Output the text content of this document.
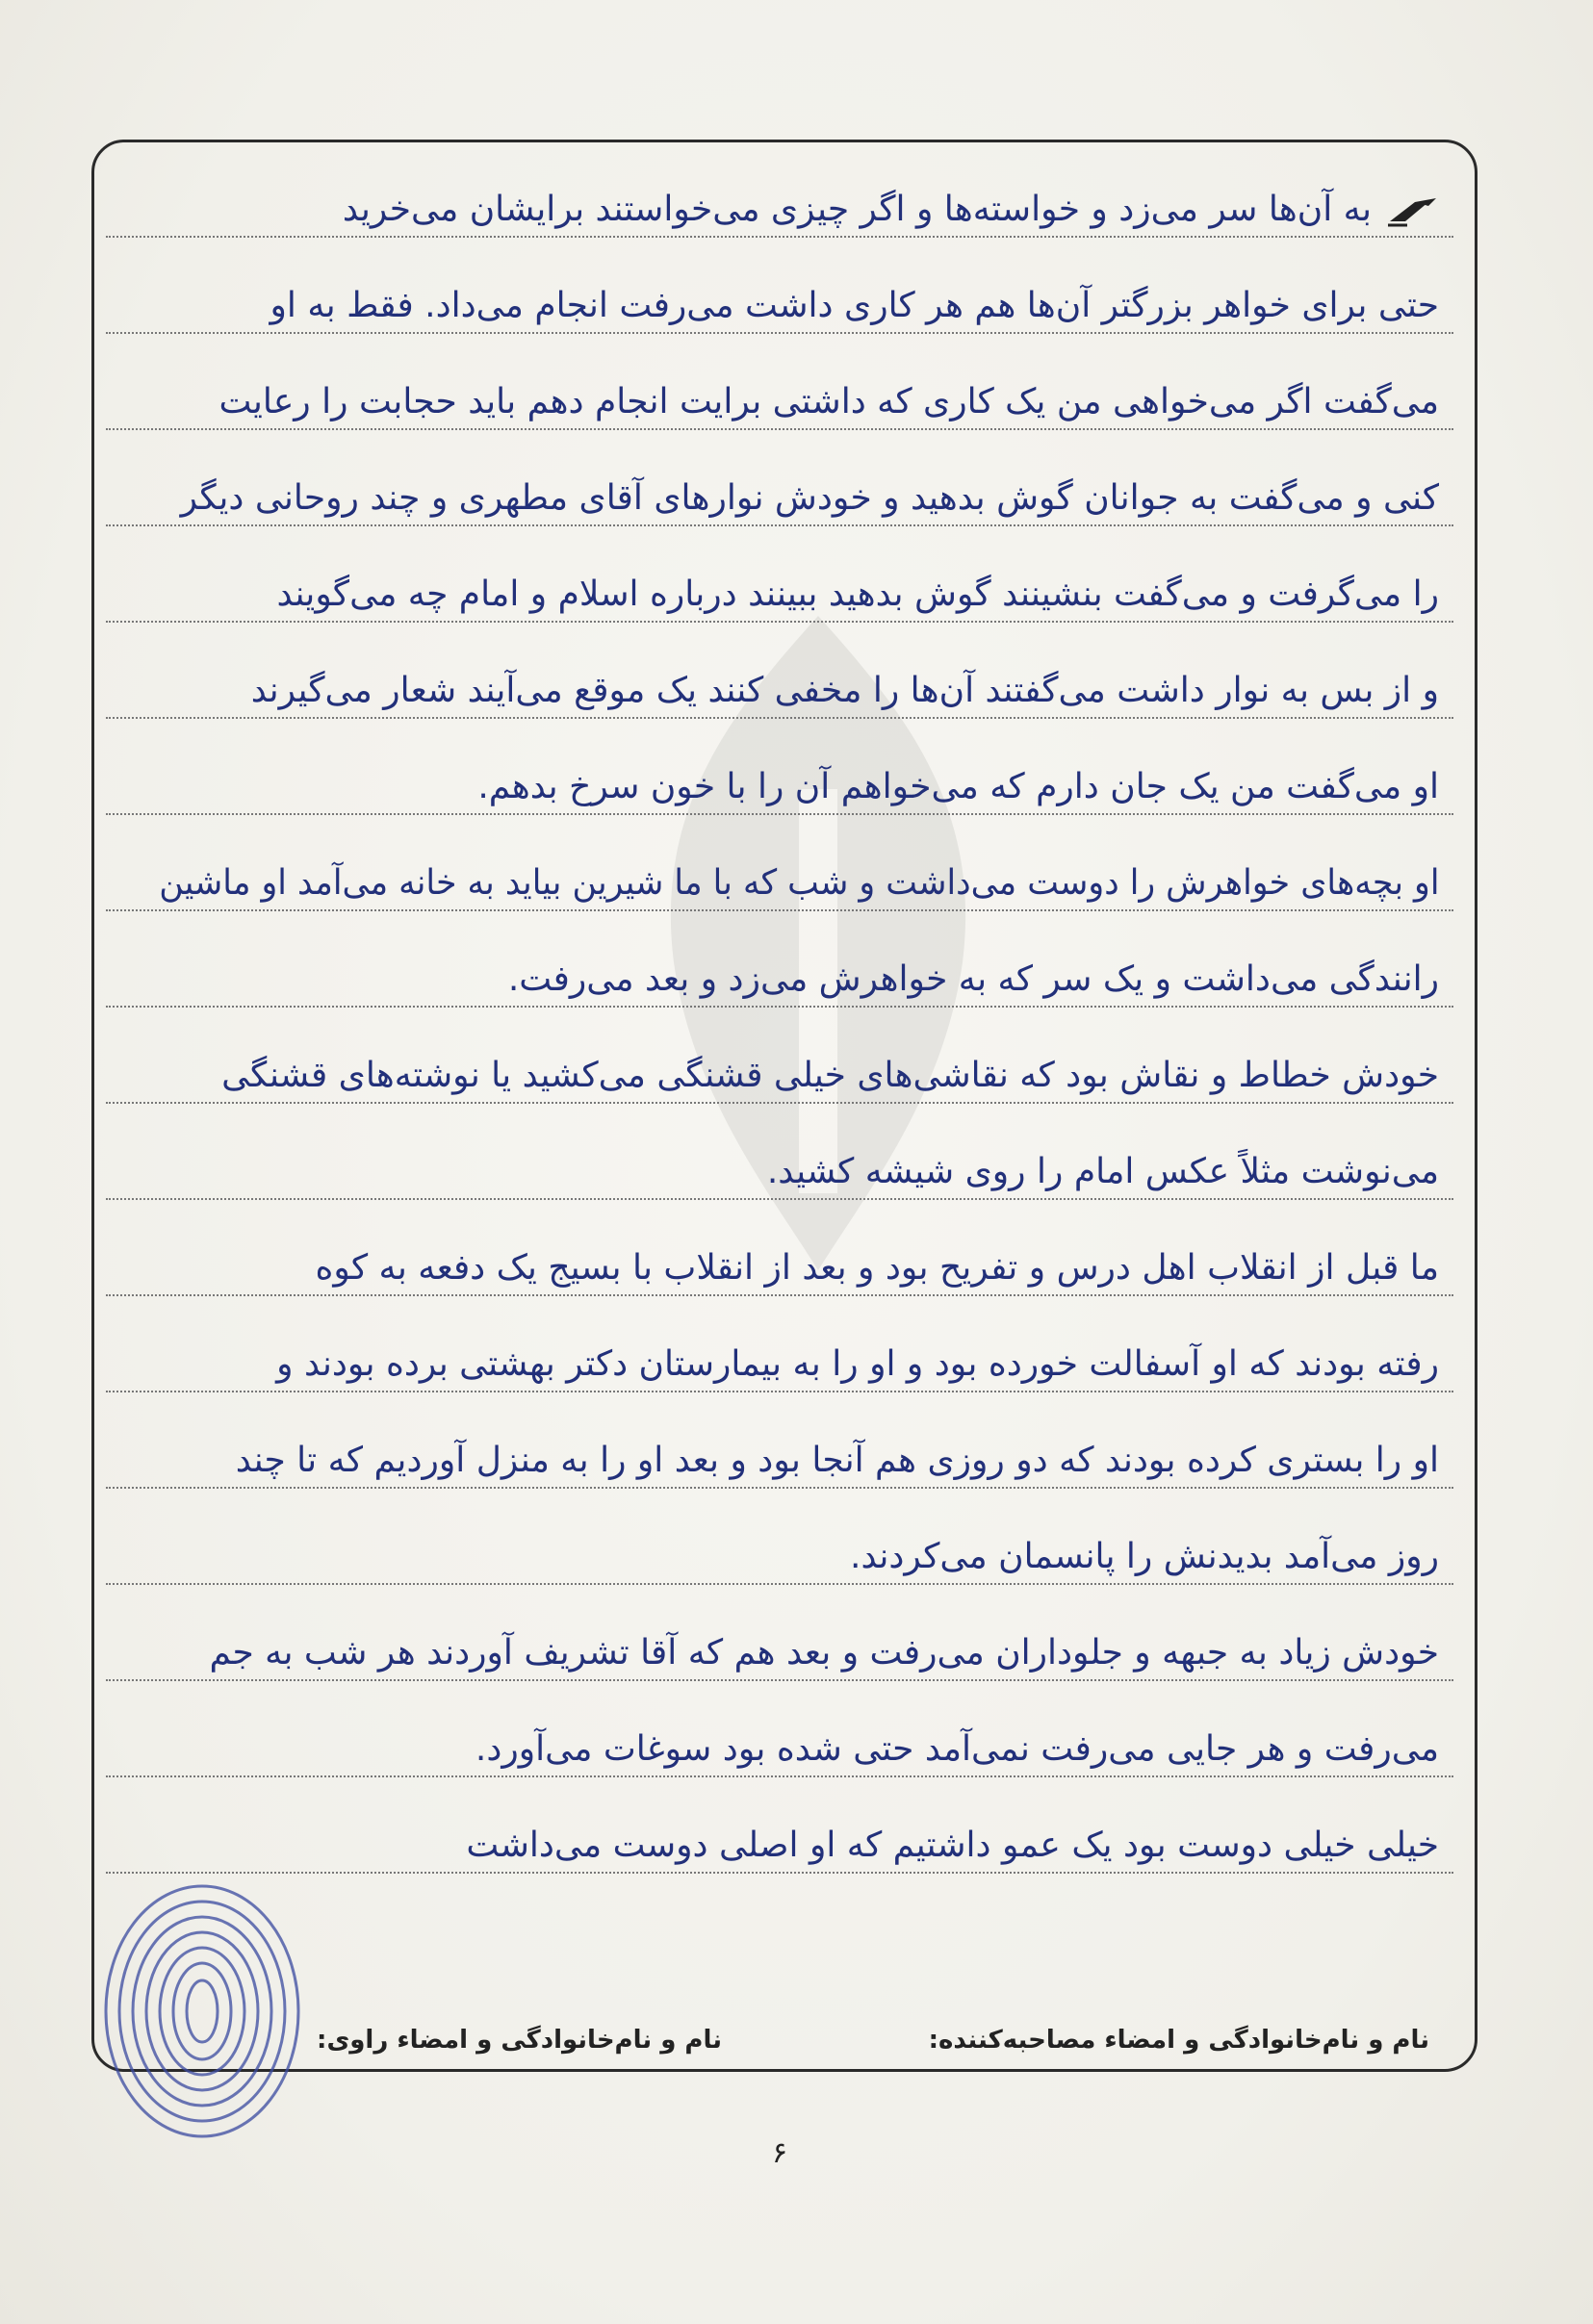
به آن‌ها سر می‌زد و خواسته‌ها و اگر چیزی می‌خواستند برایشان می‌خرید
حتی برای خواهر بزرگتر آن‌ها هم هر کاری داشت می‌رفت انجام می‌داد. فقط به او
می‌گفت اگر می‌خواهی من یک کاری که داشتی برایت انجام دهم باید حجابت را رعایت
کنی و می‌گفت به جوانان گوش بدهید و خودش نوارهای آقای مطهری و چند روحانی دیگر
را می‌گرفت و می‌گفت بنشینند گوش بدهید ببینند درباره اسلام و امام چه می‌گویند
و از بس به نوار داشت می‌گفتند آن‌ها را مخفی کنند یک موقع می‌آیند شعار می‌گیرند
او می‌گفت من یک جان دارم که می‌خواهم آن را با خون سرخ بدهم.
او بچه‌های خواهرش را دوست می‌داشت و شب که با ما شیرین بیاید به خانه می‌آمد او ماشین
رانندگی می‌داشت و یک سر که به خواهرش می‌زد و بعد می‌رفت.
خودش خطاط و نقاش بود که نقاشی‌های خیلی قشنگی می‌کشید یا نوشته‌های قشنگی
می‌نوشت مثلاً عکس امام را روی شیشه کشید.
ما قبل از انقلاب اهل درس و تفریح بود و بعد از انقلاب با بسیج یک دفعه به کوه
رفته بودند که او آسفالت خورده بود و او را به بیمارستان دکتر بهشتی برده بودند و
او را بستری کرده بودند که دو روزی هم آنجا بود و بعد او را به منزل آوردیم که تا چند
روز می‌آمد بدیدنش را پانسمان می‌کردند.
خودش زیاد به جبهه و جلوداران می‌رفت و بعد هم که آقا تشریف آوردند هر شب به جم
می‌رفت و هر جایی می‌رفت نمی‌آمد حتی شده بود سوغات می‌آورد.
خیلی خیلی دوست بود یک عمو داشتیم که او اصلی دوست می‌داشت
نام و نام‌خانوادگی و امضاء مصاحبه‌کننده:
نام و نام‌خانوادگی و امضاء راوی:
۶
